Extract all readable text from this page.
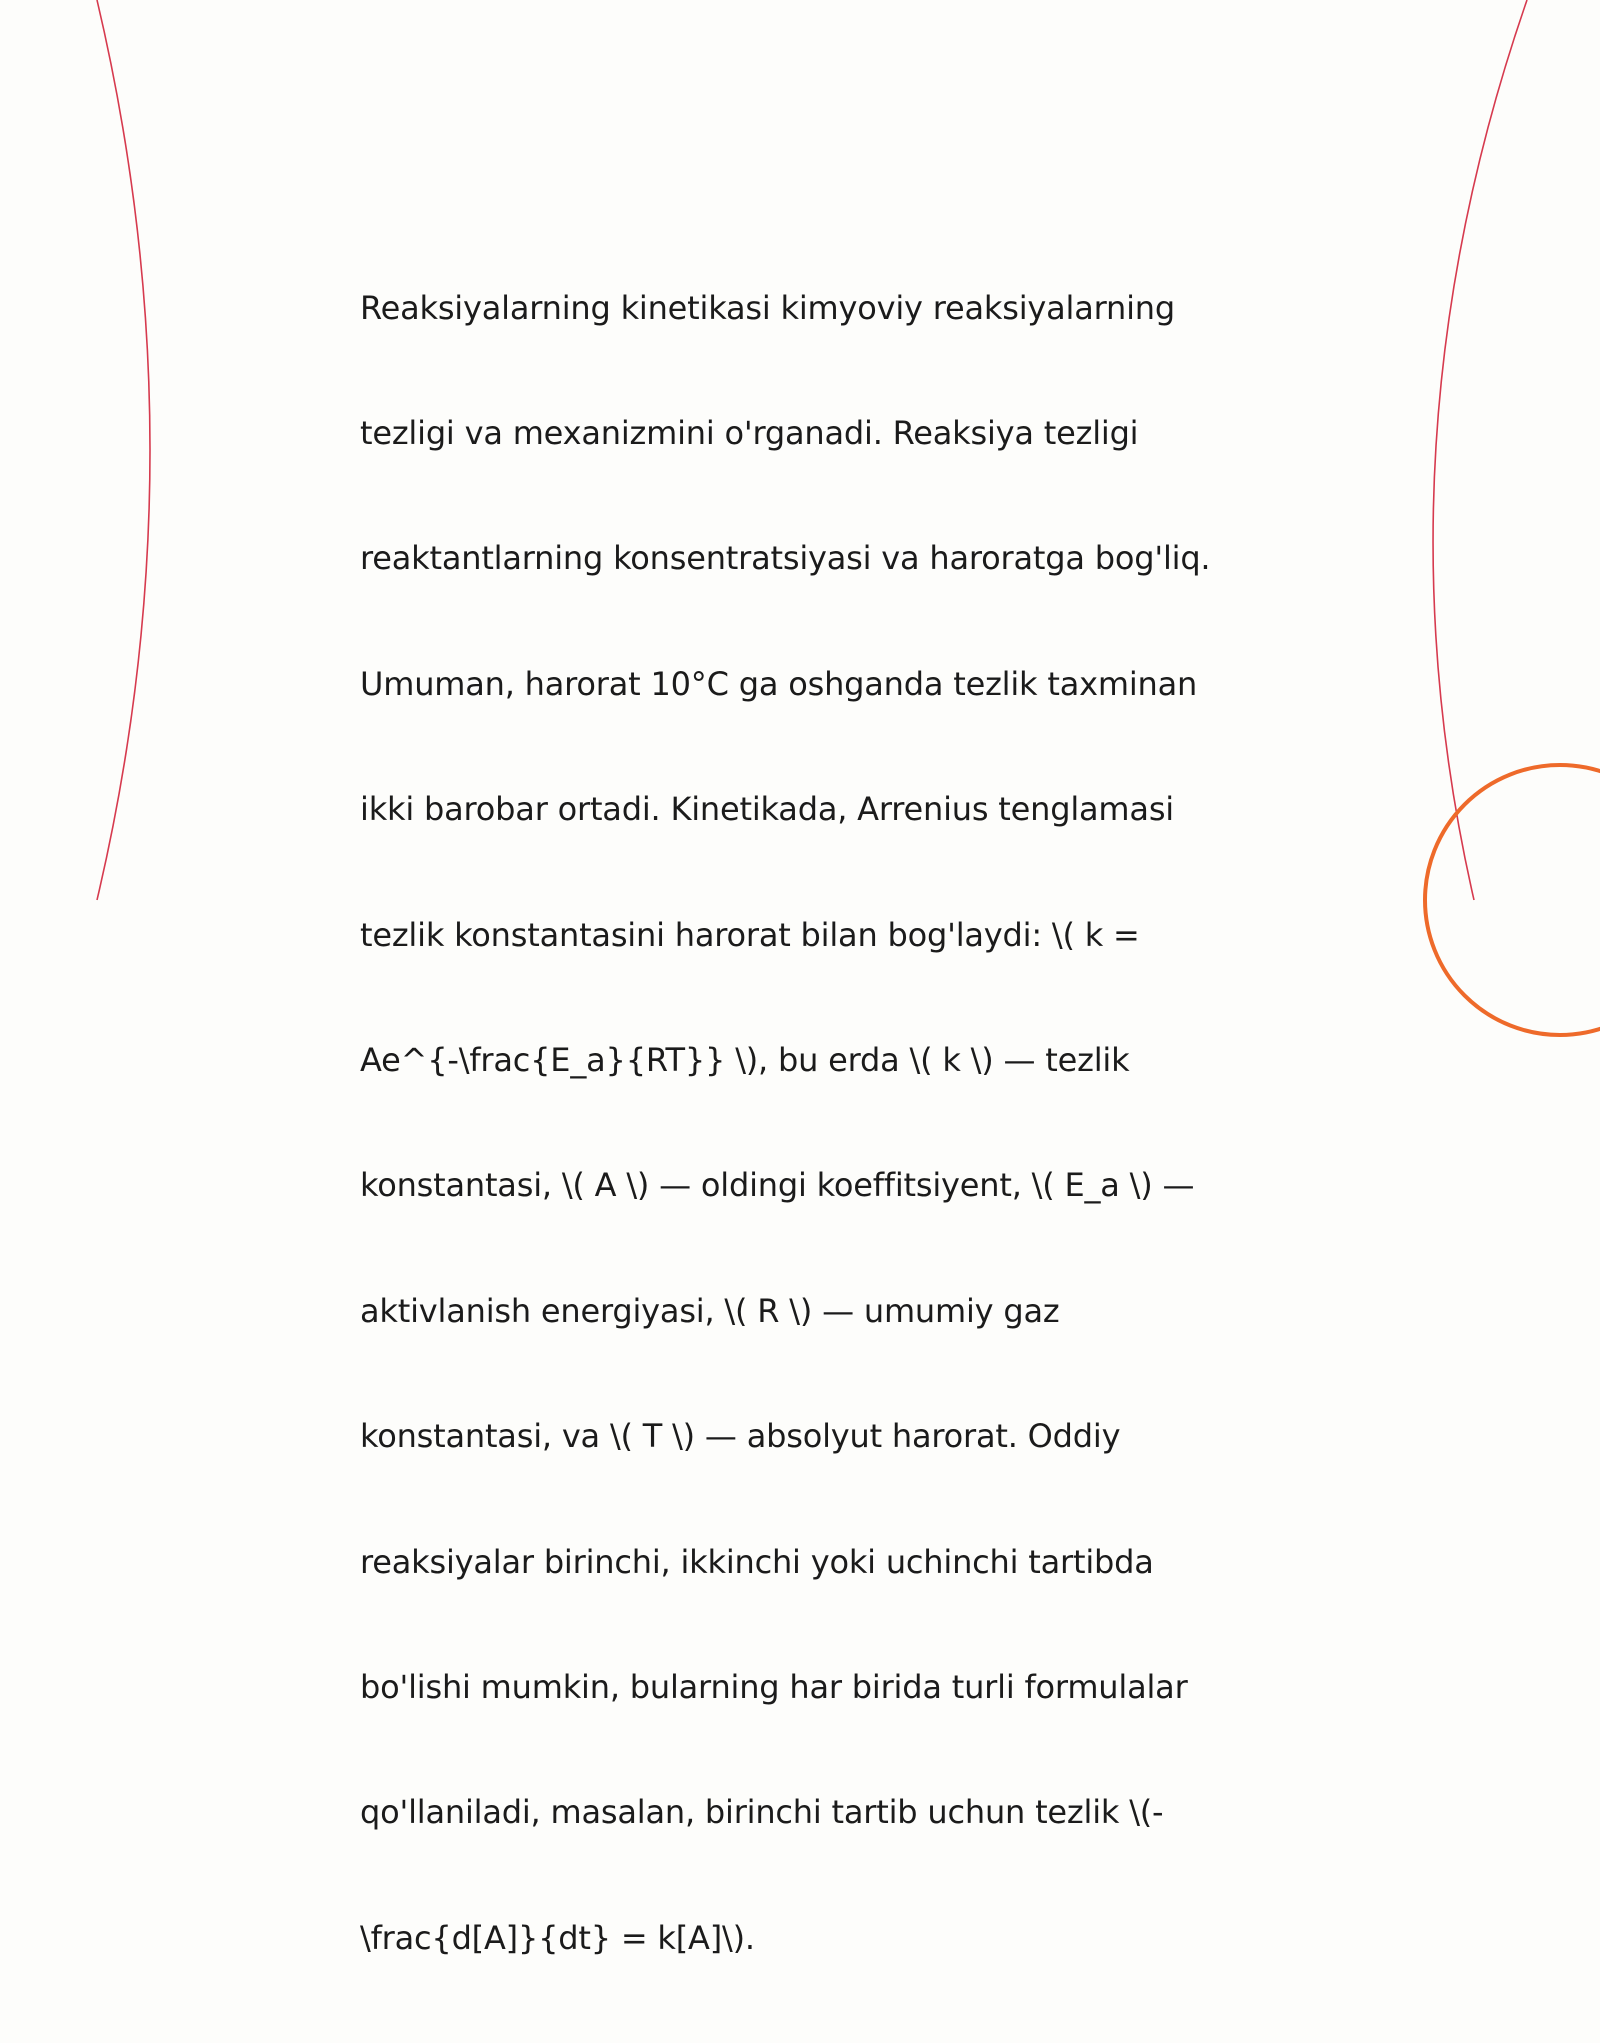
Reaksiyalarning kinetikasi kimyoviy reaksiyalarning

tezligi va mexanizmini o'rganadi. Reaksiya tezligi

reaktantlarning konsentratsiyasi va haroratga bog'liq.

Umuman, harorat 10°C ga oshganda tezlik taxminan

ikki barobar ortadi. Kinetikada, Arrenius tenglamasi

tezlik konstantasini harorat bilan bog'laydi: \( k =

Ae^{-\frac{E_a}{RT}} \), bu erda \( k \) — tezlik

konstantasi, \( A \) — oldingi koeffitsiyent, \( E_a \) —

aktivlanish energiyasi, \( R \) — umumiy gaz

konstantasi, va \( T \) — absolyut harorat. Oddiy

reaksiyalar birinchi, ikkinchi yoki uchinchi tartibda

bo'lishi mumkin, bularning har birida turli formulalar

qo'llaniladi, masalan, birinchi tartib uchun tezlik \(-

\frac{d[A]}{dt} = k[A]\).
